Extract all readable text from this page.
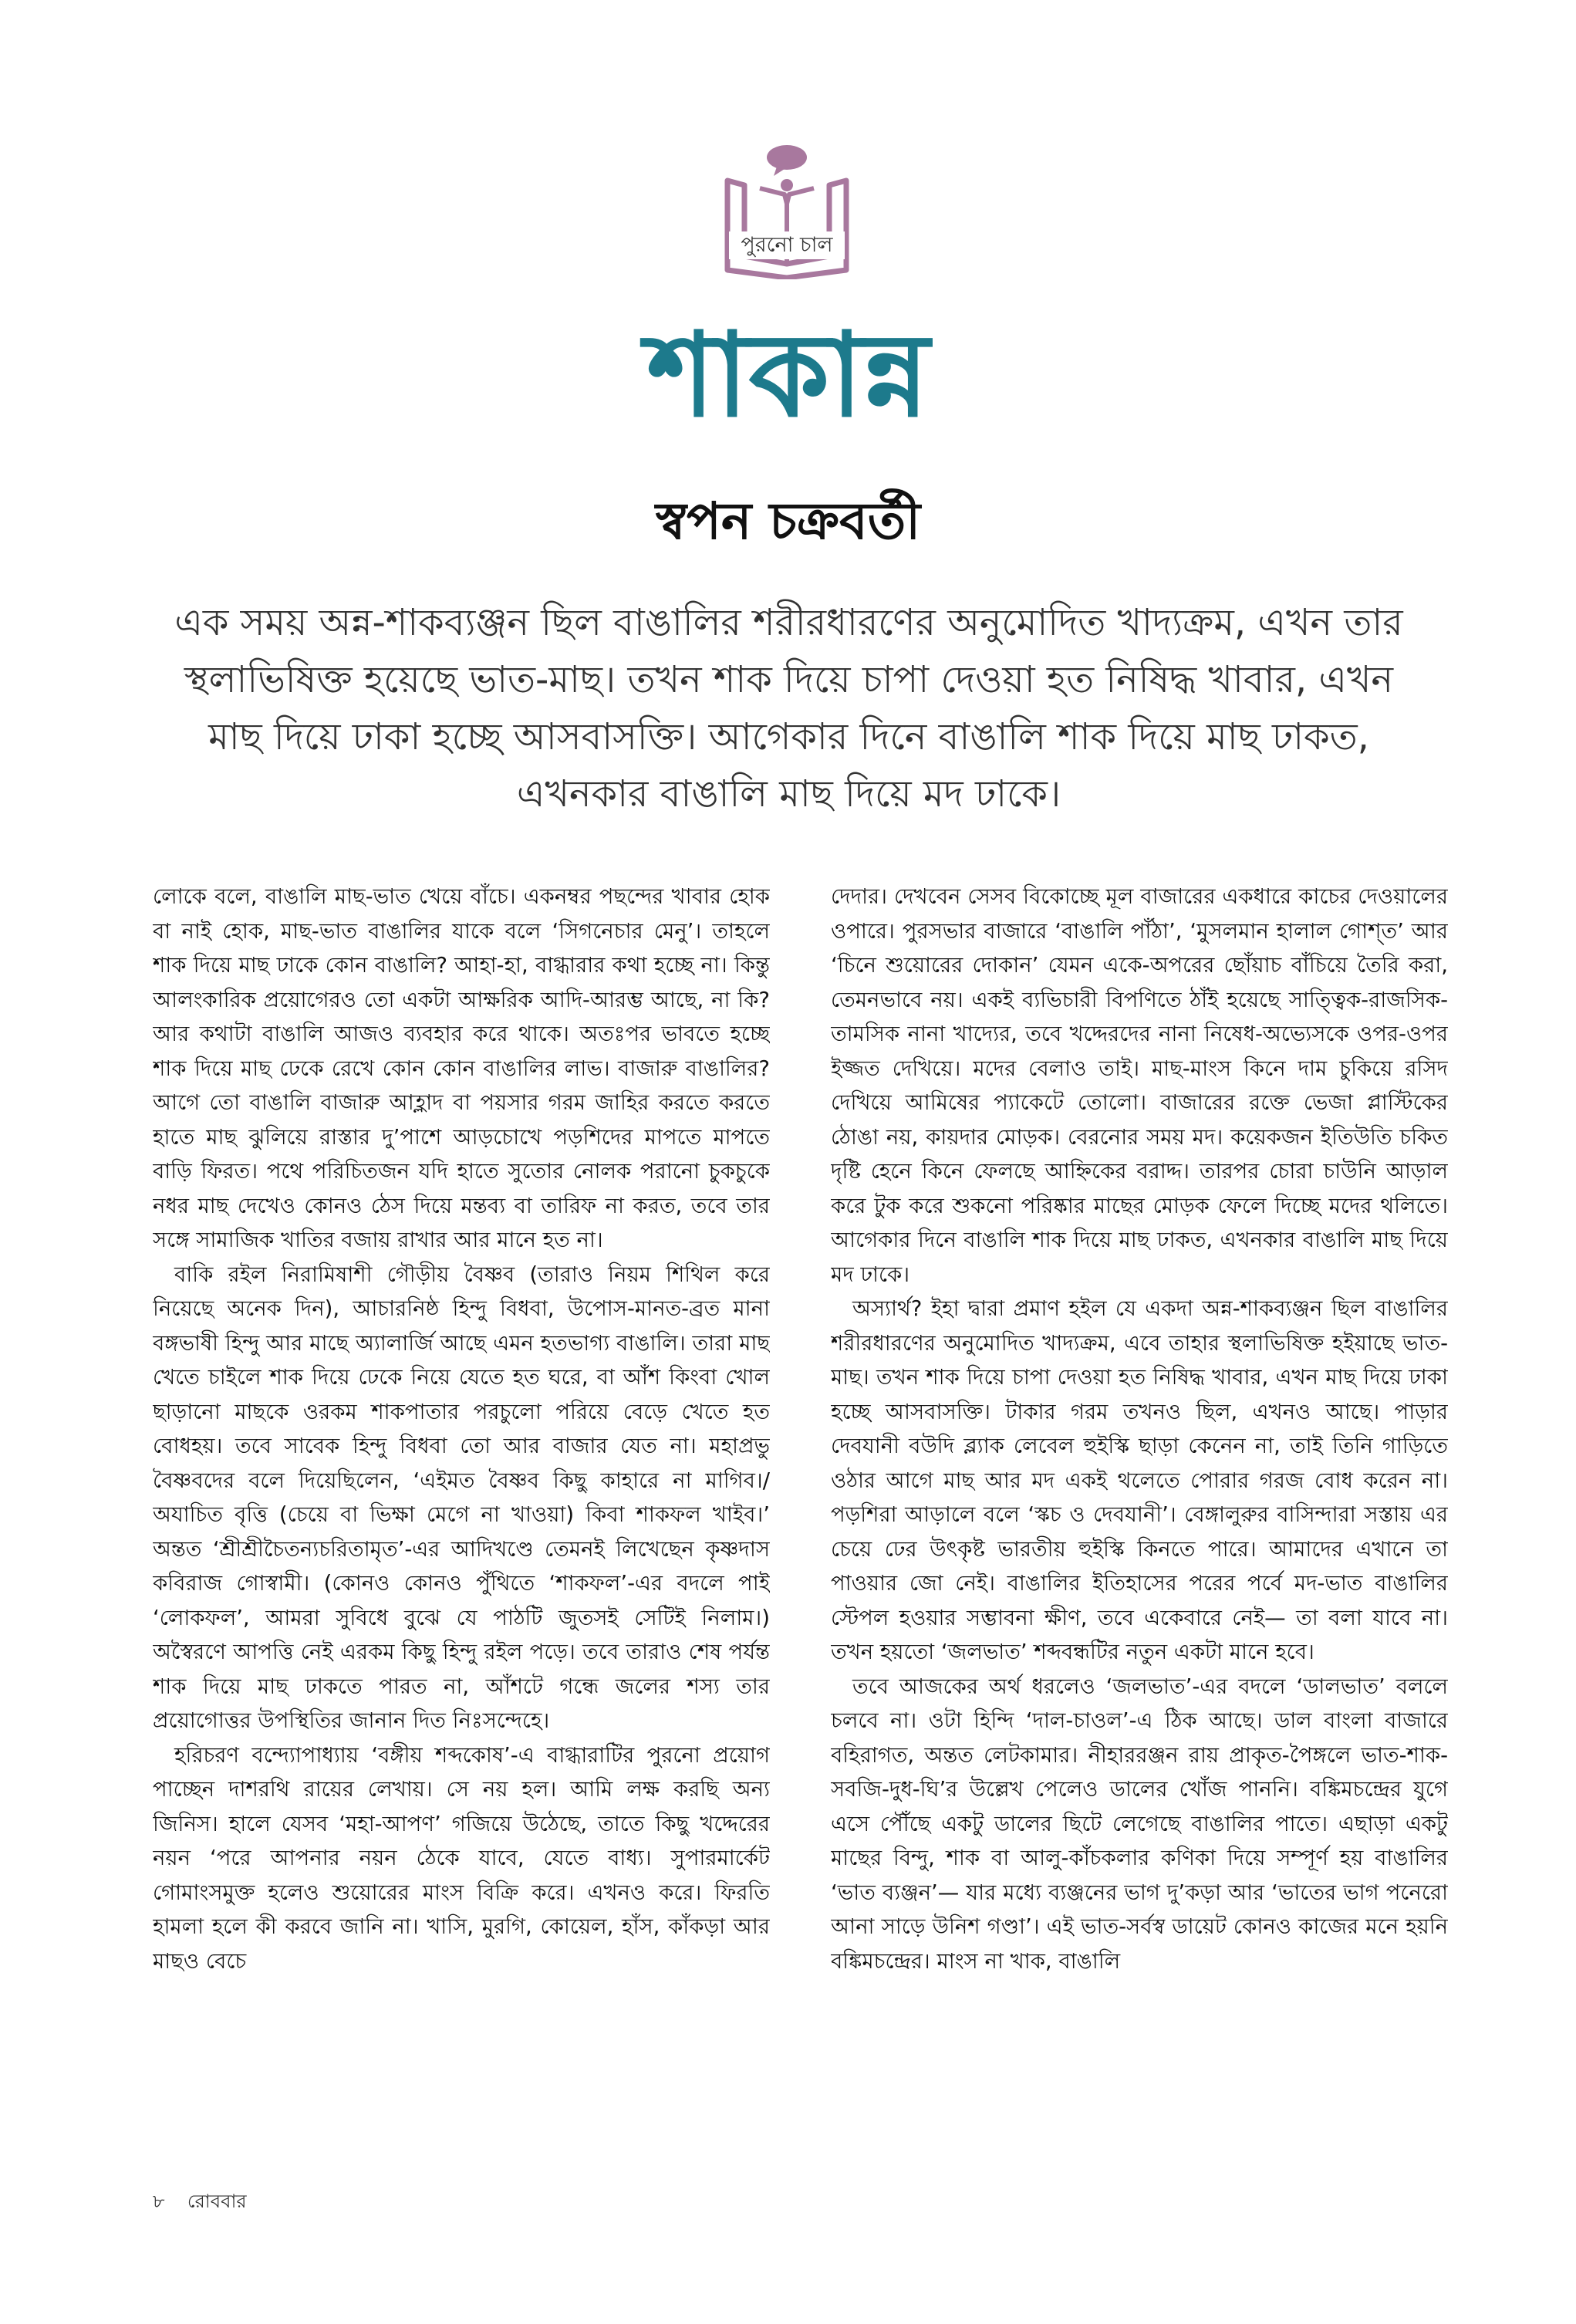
পুরনো চাল
শাকান্ন
স্বপন চক্রবর্তী
এক সময় অন্ন-শাকব্যঞ্জন ছিল বাঙালির শরীরধারণের অনুমোদিত খাদ্যক্রম, এখন তার স্থলাভিষিক্ত হয়েছে ভাত-মাছ। তখন শাক দিয়ে চাপা দেওয়া হত নিষিদ্ধ খাবার, এখন মাছ দিয়ে ঢাকা হচ্ছে আসবাসক্তি। আগেকার দিনে বাঙালি শাক দিয়ে মাছ ঢাকত, এখনকার বাঙালি মাছ দিয়ে মদ ঢাকে।

লোকে বলে, বাঙালি মাছ-ভাত খেয়ে বাঁচে। একনম্বর পছন্দের খাবার হোক বা নাই হোক, মাছ-ভাত বাঙালির যাকে বলে ‘সিগনেচার মেনু’। তাহলে শাক দিয়ে মাছ ঢাকে কোন বাঙালি? আহা-হা, বাগ্ধারার কথা হচ্ছে না। কিন্তু আলংকারিক প্রয়োগেরও তো একটা আক্ষরিক আদি-আরম্ভ আছে, না কি? আর কথাটা বাঙালি আজও ব্যবহার করে থাকে। অতঃপর ভাবতে হচ্ছে শাক দিয়ে মাছ ঢেকে রেখে কোন কোন বাঙালির লাভ। বাজারু বাঙালির? আগে তো বাঙালি বাজারু আহ্লাদ বা পয়সার গরম জাহির করতে করতে হাতে মাছ ঝুলিয়ে রাস্তার দু’পাশে আড়চোখে পড়শিদের মাপতে মাপতে বাড়ি ফিরত। পথে পরিচিতজন যদি হাতে সুতোর নোলক পরানো চুকচুকে নধর মাছ দেখেও কোনও ঠেস দিয়ে মন্তব্য বা তারিফ না করত, তবে তার সঙ্গে সামাজিক খাতির বজায় রাখার আর মানে হত না।

বাকি রইল নিরামিষাশী গৌড়ীয় বৈষ্ণব (তারাও নিয়ম শিথিল করে নিয়েছে অনেক দিন), আচারনিষ্ঠ হিন্দু বিধবা, উপোস-মানত-ব্রত মানা বঙ্গভাষী হিন্দু আর মাছে অ্যালার্জি আছে এমন হতভাগ্য বাঙালি। তারা মাছ খেতে চাইলে শাক দিয়ে ঢেকে নিয়ে যেতে হত ঘরে, বা আঁশ কিংবা খোল ছাড়ানো মাছকে ওরকম শাকপাতার পরচুলো পরিয়ে বেড়ে খেতে হত বোধহয়। তবে সাবেক হিন্দু বিধবা তো আর বাজার যেত না। মহাপ্রভু বৈষ্ণবদের বলে দিয়েছিলেন, ‘এইমত বৈষ্ণব কিছু কাহারে না মাগিব।/ অযাচিত বৃত্তি (চেয়ে বা ভিক্ষা মেগে না খাওয়া) কিবা শাকফল খাইব।’ অন্তত ‘শ্রীশ্রীচৈতন্যচরিতামৃত’-এর আদিখণ্ডে তেমনই লিখেছেন কৃষ্ণদাস কবিরাজ গোস্বামী। (কোনও কোনও পুঁথিতে ‘শাকফল’-এর বদলে পাই ‘লোকফল’, আমরা সুবিধে বুঝে যে পাঠটি জুতসই সেটিই নিলাম।) অস্বৈরণে আপত্তি নেই এরকম কিছু হিন্দু রইল পড়ে। তবে তারাও শেষ পর্যন্ত শাক দিয়ে মাছ ঢাকতে পারত না, আঁশটে গন্ধে জলের শস্য তার প্রয়োগোত্তর উপস্থিতির জানান দিত নিঃসন্দেহে।

হরিচরণ বন্দ্যোপাধ্যায় ‘বঙ্গীয় শব্দকোষ’-এ বাগ্ধারাটির পুরনো প্রয়োগ পাচ্ছেন দাশরথি রায়ের লেখায়। সে নয় হল। আমি লক্ষ করছি অন্য জিনিস। হালে যেসব ‘মহা-আপণ’ গজিয়ে উঠেছে, তাতে কিছু খদ্দেরের নয়ন ‘পরে আপনার নয়ন ঠেকে যাবে, যেতে বাধ্য। সুপারমার্কেট গোমাংসমুক্ত হলেও শুয়োরের মাংস বিক্রি করে। এখনও করে। ফিরতি হামলা হলে কী করবে জানি না। খাসি, মুরগি, কোয়েল, হাঁস, কাঁকড়া আর মাছও বেচে

দেদার। দেখবেন সেসব বিকোচ্ছে মূল বাজারের একধারে কাচের দেওয়ালের ওপারে। পুরসভার বাজারে ‘বাঙালি পাঁঠা’, ‘মুসলমান হালাল গোশ্‌ত’ আর ‘চিনে শুয়োরের দোকান’ যেমন একে-অপরের ছোঁয়াচ বাঁচিয়ে তৈরি করা, তেমনভাবে নয়। একই ব্যভিচারী বিপণিতে ঠাঁই হয়েছে সাত্ত্বিক-রাজসিক-তামসিক নানা খাদ্যের, তবে খদ্দেরদের নানা নিষেধ-অভ্যেসকে ওপর-ওপর ইজ্জত দেখিয়ে। মদের বেলাও তাই। মাছ-মাংস কিনে দাম চুকিয়ে রসিদ দেখিয়ে আমিষের প্যাকেটে তোলো। বাজারের রক্তে ভেজা প্লাস্টিকের ঠোঙা নয়, কায়দার মোড়ক। বেরনোর সময় মদ। কয়েকজন ইতিউতি চকিত দৃষ্টি হেনে কিনে ফেলছে আহ্নিকের বরাদ্দ। তারপর চোরা চাউনি আড়াল করে টুক করে শুকনো পরিষ্কার মাছের মোড়ক ফেলে দিচ্ছে মদের থলিতে। আগেকার দিনে বাঙালি শাক দিয়ে মাছ ঢাকত, এখনকার বাঙালি মাছ দিয়ে মদ ঢাকে।

অস্যার্থ? ইহা দ্বারা প্রমাণ হইল যে একদা অন্ন-শাকব্যঞ্জন ছিল বাঙালির শরীরধারণের অনুমোদিত খাদ্যক্রম, এবে তাহার স্থলাভিষিক্ত হইয়াছে ভাত-মাছ। তখন শাক দিয়ে চাপা দেওয়া হত নিষিদ্ধ খাবার, এখন মাছ দিয়ে ঢাকা হচ্ছে আসবাসক্তি। টাকার গরম তখনও ছিল, এখনও আছে। পাড়ার দেবযানী বউদি ব্ল্যাক লেবেল হুইস্কি ছাড়া কেনেন না, তাই তিনি গাড়িতে ওঠার আগে মাছ আর মদ একই থলেতে পোরার গরজ বোধ করেন না। পড়শিরা আড়ালে বলে ‘স্কচ ও দেবযানী’। বেঙ্গালুরুর বাসিন্দারা সস্তায় এর চেয়ে ঢের উৎকৃষ্ট ভারতীয় হুইস্কি কিনতে পারে। আমাদের এখানে তা পাওয়ার জো নেই। বাঙালির ইতিহাসের পরের পর্বে মদ-ভাত বাঙালির স্টেপল হওয়ার সম্ভাবনা ক্ষীণ, তবে একেবারে নেই— তা বলা যাবে না। তখন হয়তো ‘জলভাত’ শব্দবন্ধটির নতুন একটা মানে হবে।

তবে আজকের অর্থ ধরলেও ‘জলভাত’-এর বদলে ‘ডালভাত’ বললে চলবে না। ওটা হিন্দি ‘দাল-চাওল’-এ ঠিক আছে। ডাল বাংলা বাজারে বহিরাগত, অন্তত লেটকামার। নীহাররঞ্জন রায় প্রাকৃত-পৈঙ্গলে ভাত-শাক-সবজি-দুধ-ঘি’র উল্লেখ পেলেও ডালের খোঁজ পাননি। বঙ্কিমচন্দ্রের যুগে এসে পৌঁছে একটু ডালের ছিটে লেগেছে বাঙালির পাতে। এছাড়া একটু মাছের বিন্দু, শাক বা আলু-কাঁচকলার কণিকা দিয়ে সম্পূর্ণ হয় বাঙালির ‘ভাত ব্যঞ্জন’— যার মধ্যে ব্যঞ্জনের ভাগ দু’কড়া আর ‘ভাতের ভাগ পনেরো আনা সাড়ে উনিশ গণ্ডা’। এই ভাত-সর্বস্ব ডায়েট কোনও কাজের মনে হয়নি বঙ্কিমচন্দ্রের। মাংস না খাক, বাঙালি

৮ রোববার
